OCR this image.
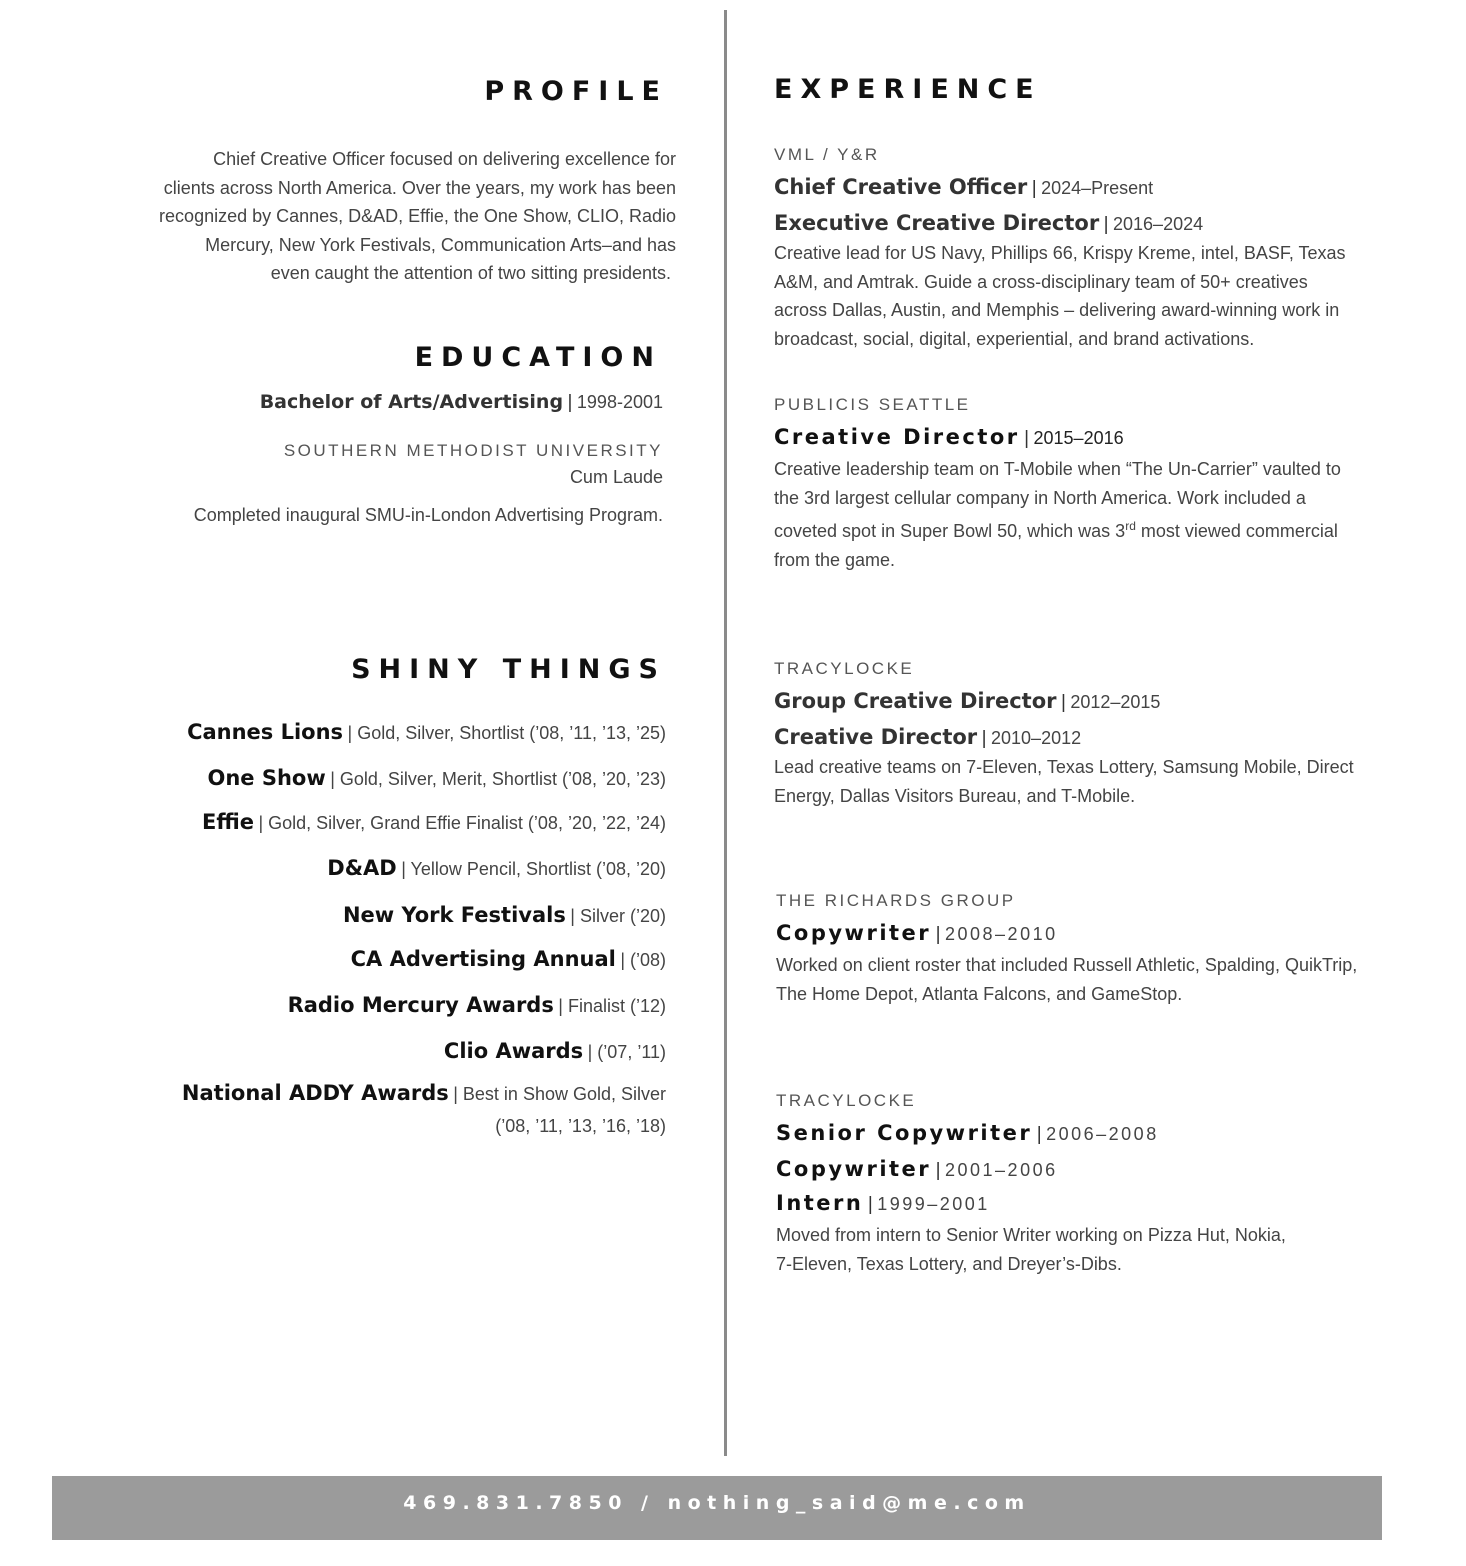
PROFILE
Chief Creative Officer focused on delivering excellence for
clients across North America. Over the years, my work has been
recognized by Cannes, D&AD, Effie, the One Show, CLIO, Radio
Mercury, New York Festivals, Communication Arts–and has
even caught the attention of two sitting presidents.
EDUCATION
Bachelor of Arts/Advertising | 1998-2001
SOUTHERN METHODIST UNIVERSITY
Cum Laude
Completed inaugural SMU-in-London Advertising Program.
SHINY THINGS
Cannes Lions | Gold, Silver, Shortlist (’08, ’11, ’13, ’25)
One Show | Gold, Silver, Merit, Shortlist (’08, ’20, ’23)
Effie | Gold, Silver, Grand Effie Finalist (’08, ’20, ’22, ’24)
D&AD | Yellow Pencil, Shortlist (’08, ’20)
New York Festivals | Silver (’20)
CA Advertising Annual | (’08)
Radio Mercury Awards | Finalist (’12)
Clio Awards | (’07, ’11)
National ADDY Awards | Best in Show Gold, Silver
(’08, ’11, ’13, ’16, ’18)
EXPERIENCE
VML / Y&R
Chief Creative Officer | 2024–Present
Executive Creative Director | 2016–2024
Creative lead for US Navy, Phillips 66, Krispy Kreme, intel, BASF, Texas
A&M, and Amtrak. Guide a cross-disciplinary team of 50+ creatives
across Dallas, Austin, and Memphis – delivering award-winning work in
broadcast, social, digital, experiential, and brand activations.
PUBLICIS SEATTLE
Creative Director | 2015–2016
Creative leadership team on T-Mobile when “The Un-Carrier” vaulted to
the 3rd largest cellular company in North America. Work included a
coveted spot in Super Bowl 50, which was 3rd most viewed commercial
from the game.
TRACYLOCKE
Group Creative Director | 2012–2015
Creative Director | 2010–2012
Lead creative teams on 7-Eleven, Texas Lottery, Samsung Mobile, Direct
Energy, Dallas Visitors Bureau, and T-Mobile.
THE RICHARDS GROUP
Copywriter | 2008–2010
Worked on client roster that included Russell Athletic, Spalding, QuikTrip,
The Home Depot, Atlanta Falcons, and GameStop.
TRACYLOCKE
Senior Copywriter | 2006–2008
Copywriter | 2001–2006
Intern | 1999–2001
Moved from intern to Senior Writer working on Pizza Hut, Nokia,
7-Eleven, Texas Lottery, and Dreyer’s-Dibs.
469.831.7850 / nothing_said@me.com
